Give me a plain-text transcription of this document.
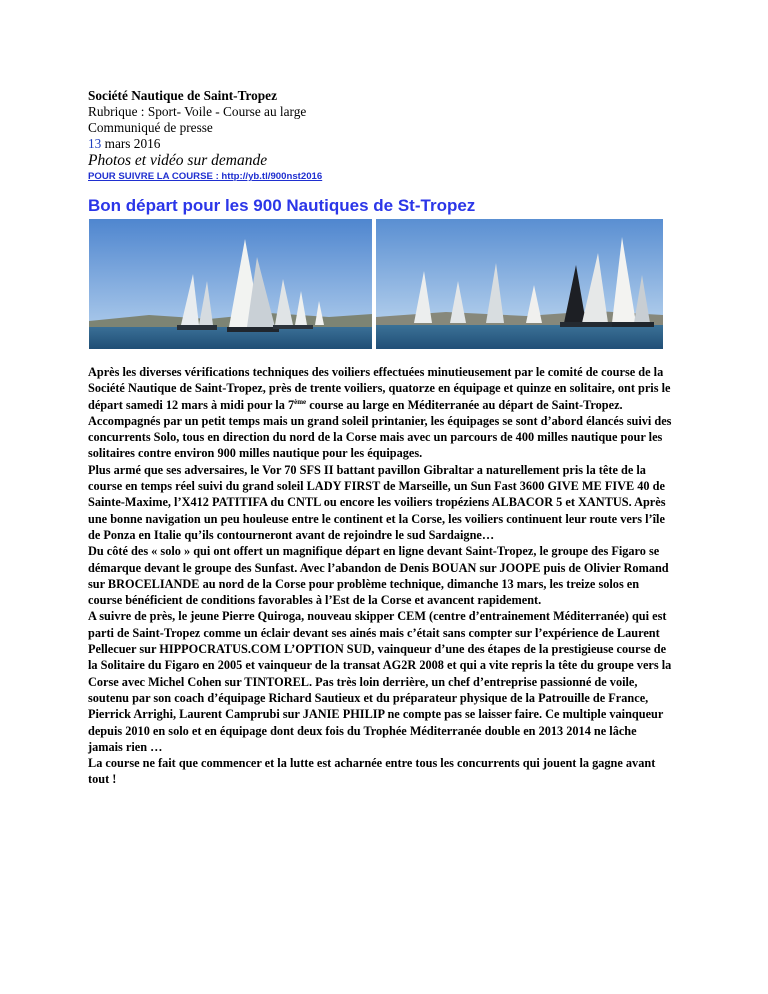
Société Nautique de Saint-Tropez
Rubrique : Sport- Voile - Course au large
Communiqué de presse
13 mars 2016
Photos et vidéo sur demande
POUR SUIVRE LA COURSE : http://yb.tl/900nst2016
Bon départ pour les 900 Nautiques de St-Tropez

Après les diverses vérifications techniques des voiliers effectuées minutieusement par le comité de course de la Société Nautique de Saint-Tropez, près de trente voiliers, quatorze en équipage et quinze en solitaire, ont pris le départ samedi 12 mars à midi pour la 7ème course au large en Méditerranée au départ de Saint-Tropez.

Accompagnés par un petit temps mais un grand soleil printanier, les équipages se sont d’abord élancés suivi des concurrents Solo, tous en direction du nord de la Corse mais avec un parcours de 400 milles nautique pour les solitaires contre environ 900 milles nautique pour les équipages.

Plus armé que ses adversaires, le Vor 70 SFS II battant pavillon Gibraltar a naturellement pris la tête de la course en temps réel suivi du grand soleil LADY FIRST de Marseille, un Sun Fast 3600 GIVE ME FIVE 40 de Sainte-Maxime, l’X412 PATITIFA du CNTL ou encore les voiliers tropéziens ALBACOR 5 et XANTUS. Après une bonne navigation un peu houleuse entre le continent et la Corse, les voiliers continuent leur route vers l’île de Ponza en Italie qu’ils contourneront avant de rejoindre le sud Sardaigne…

Du côté des « solo » qui ont offert un magnifique départ en ligne devant Saint-Tropez, le groupe des Figaro se démarque devant le groupe des Sunfast. Avec l’abandon de Denis BOUAN sur JOOPE puis de Olivier Romand sur BROCELIANDE au nord de la Corse pour problème technique, dimanche 13 mars, les treize solos en course bénéficient de conditions favorables à l’Est de la Corse et avancent rapidement.

A suivre de près, le jeune Pierre Quiroga, nouveau skipper CEM (centre d’entrainement Méditerranée) qui est parti de Saint-Tropez comme un éclair devant ses ainés mais c’était sans compter sur l’expérience de Laurent Pellecuer sur HIPPOCRATUS.COM L’OPTION SUD, vainqueur d’une des étapes de la prestigieuse course de la Solitaire du Figaro en 2005 et vainqueur de la transat AG2R 2008 et qui a vite repris la tête du groupe vers la Corse avec Michel Cohen sur TINTOREL. Pas très loin derrière, un chef d’entreprise passionné de voile, soutenu par son coach d’équipage Richard Sautieux et du préparateur physique de la Patrouille de France, Pierrick Arrighi, Laurent Camprubi sur JANIE PHILIP ne compte pas se laisser faire. Ce multiple vainqueur depuis 2010 en solo et en équipage dont deux fois du Trophée Méditerranée double en 2013 2014 ne lâche jamais rien …

La course ne fait que commencer et la lutte est acharnée entre tous les concurrents qui jouent la gagne avant tout !
